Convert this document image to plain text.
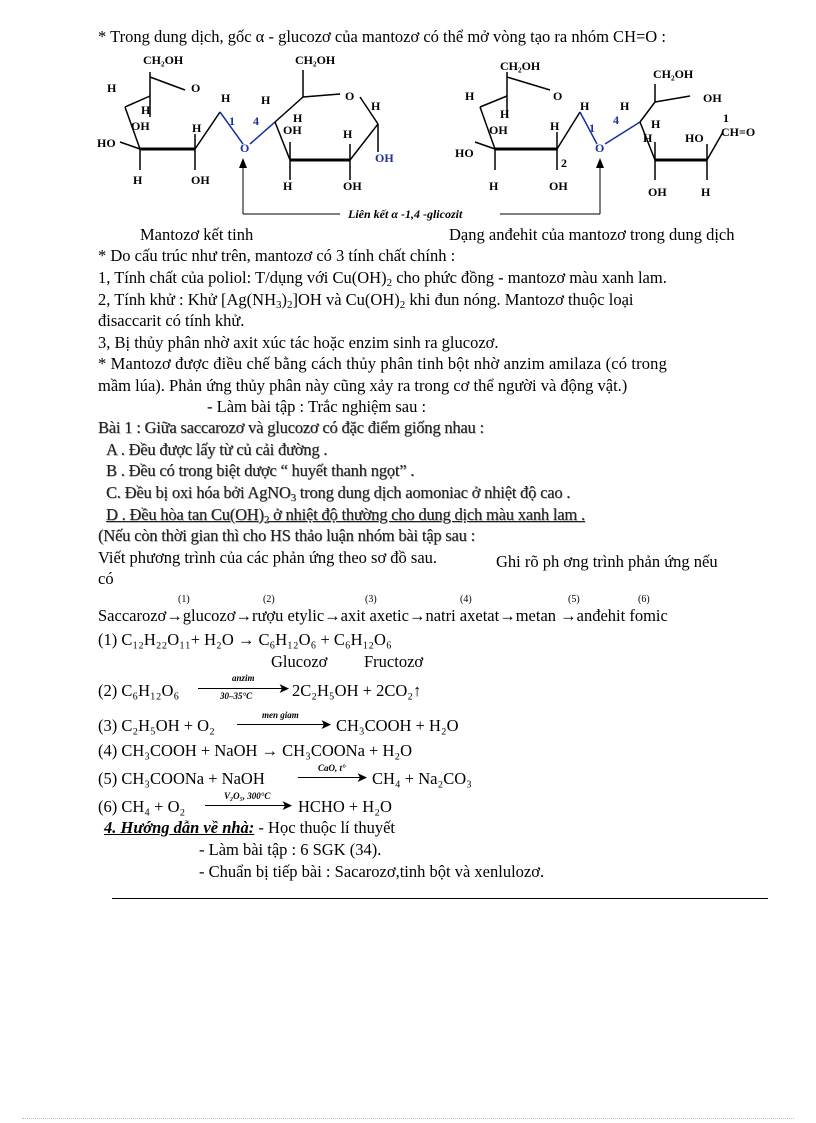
* Trong dung dịch, gốc α - glucozơ của mantozơ có thể mở vòng tạo ra nhóm CH=O :
CH₂OH
O
H
H
OH
HO
H
H
H	OH
1 4
O
CH₂OH
H	O
H
H
OH	H
OH
H	OH
CH₂OH
O
H
H
H
OH	H
HO
2
H	OH
1
4
O
H
CH₂OH
OH
H
H	HO
1
CH=O
OH	H
Liên kết α -1,4 -glicozit
Mantozơ kết tinh	Dạng anđehit của mantozơ trong dung dịch
* Do cấu trúc như trên, mantozơ có 3 tính chất chính :
1, Tính chất của poliol: T/dụng với $Cu(OH)_2$ cho phức đồng - mantozơ màu xanh lam.
2, Tính khử : Khử $[Ag(NH_3)_2]OH$ và $Cu(OH)_2$ khi đun nóng. Mantozơ thuộc loại
đisaccarit có tính khử.
3, Bị thủy phân nhờ axit xúc tác hoặc enzim sinh ra glucozơ.
* Mantozơ được điều chế bằng cách thủy phân tinh bột nhờ anzim amilaza (có trong
mầm lúa). Phản ứng thủy phân này cũng xảy ra trong cơ thể người và động vật.)
- Làm bài tập : Trắc nghiệm sau :
Bài 1 : Giữa saccarozơ và glucozơ có đặc điểm giống nhau :
A . Đều được lấy từ củ cải đường .
B . Đều có trong biệt dược “ huyết thanh ngọt” .
C. Đều bị oxi hóa bởi AgNO$_3$ trong dung dịch aomoniac ở nhiệt độ cao .
D . Đều hòa $\tan Cu(OH)_2$ ở nhiệt độ thường cho dung dịch màu xanh lam .
(Nếu còn thời gian thì cho HS thảo luận nhóm bài tập sau :
Viết phương trình của các phản ứng theo sơ đồ sau.	Ghi rõ ph ơng trình phản ứng nếu
có
(1)	(2)	(3)	(4)	(5)	(6)
Saccarozơ→glucozơ→rượu etylic→axit axetic→natri axetat→metan →anđehit fomic
(1) C₁₂H₂₂O₁₁+ H₂O → C₆H₁₂O₆ + C₆H₁₂O₆
Glucozơ Fructozơ
(2) C₆H₁₂O₆
anzim
➤
30–35°C 2C₂H₅OH + 2CO₂↑
(3) C₂H₅OH + O₂
men giam
➤ CH₃COOH + H₂O
(4) CH₃COOH + NaOH → CH₃COONa + H₂O
(5) CH₃COONa + NaOH
CaO, t°
➤ CH₄ + Na₂CO₃
(6) CH₄ + O₂
V₂O₅, 300°C
➤ HCHO + H₂O
4. Hướng dẫn về nhà: - Học thuộc lí thuyết
- Làm bài tập : 6 SGK (34).
- Chuẩn bị tiếp bài : Sacarozơ,tinh bột và xenlulozơ.
